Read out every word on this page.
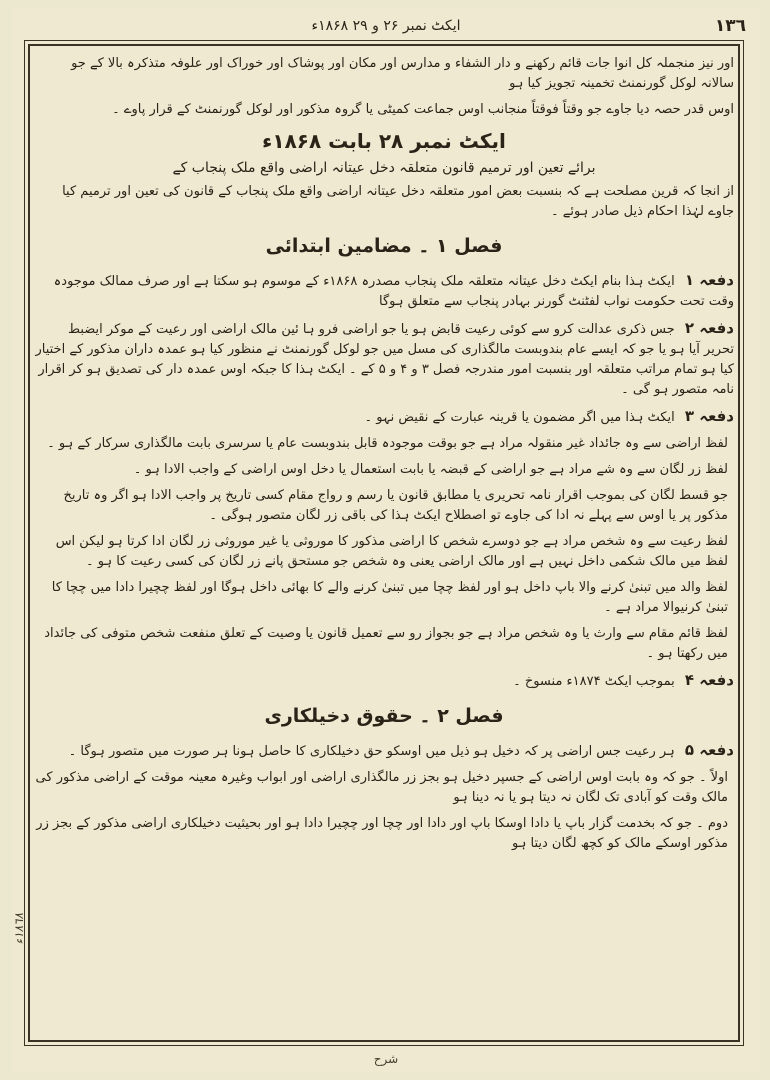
١٣٦
ایکٹ نمبر ۲۶ و ۲۹ ۱۸۶۸ء

اور نیز منجملہ کل انوا جات قائم رکھنے و دار الشفاء و مدارس اور مکان اور پوشاک اور خوراک اور علوفہ متذکرہ بالا کے جو سالانہ لوکل گورنمنٹ تخمینہ تجویز کیا ہو

اوس قدر حصہ دیا جاوے جو وقتاً فوقتاً منجانب اوس جماعت کمیٹی یا گروہ مذکور اور لوکل گورنمنٹ کے قرار پاوے ۔

ایکٹ نمبر ۲۸ بابت ۱۸۶۸ء
برائے تعین اور ترمیم قانون متعلقہ دخل عیتانہ اراضی واقع ملک پنجاب کے

از انجا کہ قرین مصلحت ہے کہ بنسبت بعض امور متعلقہ دخل عیتانہ اراضی واقع ملک پنجاب کے قانون کی تعین اور ترمیم کیا جاوے لہٰذا احکام ذیل صادر ہوئے ۔

فصل ۱ ۔ مضامین ابتدائی

دفعہ ۱ ایکٹ ہذا بنام ایکٹ دخل عیتانہ متعلقہ ملک پنجاب مصدرہ ۱۸۶۸ء کے موسوم ہو سکتا ہے اور صرف ممالک موجودہ وقت تحت حکومت نواب لفٹنٹ گورنر بہادر پنجاب سے متعلق ہوگا

دفعہ ۲ جس ذکری عدالت کرو سے کوئی رعیت قابض ہو یا جو اراضی فرو ہا ئین مالک اراضی اور رعیت کے موکر ایضبط تحریر آیا ہو یا جو کہ ایسے عام بندوبست مالگذاری کی مسل میں جو لوکل گورنمنٹ نے منظور کیا ہو عمدہ داران مذکور کے اختیار کیا ہو تمام مراتب متعلقہ اور بنسبت امور مندرجہ فصل ۳ و ۴ و ۵ کے ۔ ایکٹ ہذا کا جبکہ اوس عمدہ دار کی تصدیق ہو کر اقرار نامہ متصور ہو گی ۔

دفعہ ۳ ایکٹ ہذا میں اگر مضمون یا قرینہ عبارت کے نقیض نہو ۔

لفظ اراضی سے وہ جائداد غیر منقولہ مراد ہے جو بوقت موجودہ قابل بندوبست عام یا سرسری بابت مالگذاری سرکار کے ہو ۔

لفظ زر لگان سے وہ شے مراد ہے جو اراضی کے قبضہ یا بابت استعمال یا دخل اوس اراضی کے واجب الادا ہو ۔

جو قسط لگان کی بموجب اقرار نامہ تحریری یا مطابق قانون یا رسم و رواج مقام کسی تاریخ پر واجب الادا ہو اگر وہ تاریخ مذکور پر یا اوس سے پہلے نہ ادا کی جاوے تو اصطلاح ایکٹ ہذا کی باقی زر لگان متصور ہوگی ۔

لفظ رعیت سے وہ شخص مراد ہے جو دوسرے شخص کا اراضی مذکور کا موروثی یا غیر موروثی زر لگان ادا کرتا ہو لیکن اس لفظ میں مالک شکمی داخل نہیں ہے اور مالک اراضی یعنی وہ شخص جو مستحق پانے زر لگان کی کسی رعیت کا ہو ۔

لفظ والد میں تبنیٰ کرنے والا باپ داخل ہو اور لفظ چچا میں تبنیٰ کرنے والے کا بھائی داخل ہوگا اور لفظ چچیرا دادا میں چچا کا تبنیٰ کرنیوالا مراد ہے ۔

لفظ قائم مقام سے وارث یا وہ شخص مراد ہے جو بجواز رو سے تعمیل قانون یا وصیت کے تعلق منفعت شخص متوفی کی جائداد میں رکھتا ہو ۔

دفعہ ۴ بموجب ایکٹ ۱۸۷۴ء منسوخ ۔

فصل ۲ ۔ حقوق دخیلکاری

دفعہ ۵ ہر رعیت جس اراضی پر کہ دخیل ہو ذیل میں اوسکو حق دخیلکاری کا حاصل ہونا ہر صورت میں متصور ہوگا ۔

اولاً ۔ جو کہ وہ بابت اوس اراضی کے جسپر دخیل ہو بجز زر مالگذاری اراضی اور ابواب وغیرہ معینہ موقت کے اراضی مذکور کی مالک وقت کو آبادی تک لگان نہ دیتا ہو یا نہ دینا ہو

دوم ۔ جو کہ بخدمت گزار باپ یا دادا اوسکا باپ اور دادا اور چچا اور چچیرا دادا ہو اور بحیثیت دخیلکاری اراضی مذکور کے بجز زر مذکور اوسکے مالک کو کچھ لگان دیتا ہو

١٨٦٨ء
شرح
